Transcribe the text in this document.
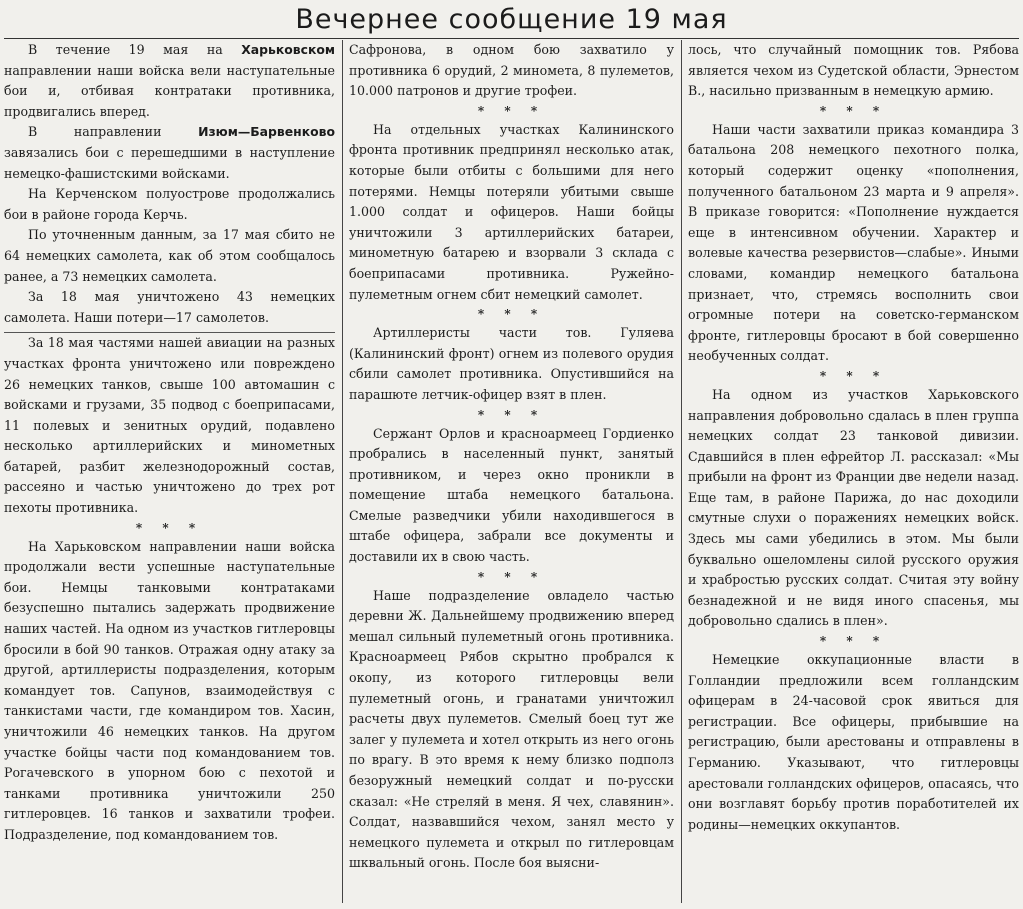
Вечернее сообщение 19 мая

В течение 19 мая на Харьковском направлении наши войска вели наступательные бои и, отбивая контратаки противника, продвигались вперед.

В направлении Изюм—Барвенково завязались бои с перешедшими в наступление немецко-фашистскими войсками.

На Керченском полуострове продолжались бои в районе города Керчь.

По уточненным данным, за 17 мая сбито не 64 немецких самолета, как об этом сообщалось ранее, а 73 немецких самолета.

За 18 мая уничтожено 43 немецких самолета. Наши потери—17 самолетов.

За 18 мая частями нашей авиации на разных участках фронта уничтожено или повреждено 26 немецких танков, свыше 100 автомашин с войсками и грузами, 35 подвод с боеприпасами, 11 полевых и зенитных орудий, подавлено несколько артиллерийских и минометных батарей, разбит железнодорожный состав, рассеяно и частью уничтожено до трех рот пехоты противника.

* * *

На Харьковском направлении наши войска продолжали вести успешные наступательные бои. Немцы танковыми контратаками безуспешно пытались задержать продвижение наших частей. На одном из участков гитлеровцы бросили в бой 90 танков. Отражая одну атаку за другой, артиллеристы подразделения, которым командует тов. Сапунов, взаимодействуя с танкистами части, где командиром тов. Хасин, уничтожили 46 немецких танков. На другом участке бойцы части под командованием тов. Рогачевского в упорном бою с пехотой и танками противника уничтожили 250 гитлеровцев. 16 танков и захватили трофеи. Подразделение, под командованием тов.

Сафронова, в одном бою захватило у противника 6 орудий, 2 миномета, 8 пулеметов, 10.000 патронов и другие трофеи.

* * *

На отдельных участках Калининского фронта противник предпринял несколько атак, которые были отбиты с большими для него потерями. Немцы потеряли убитыми свыше 1.000 солдат и офицеров. Наши бойцы уничтожили 3 артиллерийских батареи, минометную батарею и взорвали 3 склада с боеприпасами противника. Ружейно-пулеметным огнем сбит немецкий самолет.

* * *

Артиллеристы части тов. Гуляева (Калининский фронт) огнем из полевого орудия сбили самолет противника. Опустившийся на парашюте летчик-офицер взят в плен.

* * *

Сержант Орлов и красноармеец Гордиенко пробрались в населенный пункт, занятый противником, и через окно проникли в помещение штаба немецкого батальона. Смелые разведчики убили находившегося в штабе офицера, забрали все документы и доставили их в свою часть.

* * *

Наше подразделение овладело частью деревни Ж. Дальнейшему продвижению вперед мешал сильный пулеметный огонь противника. Красноармеец Рябов скрытно пробрался к окопу, из которого гитлеровцы вели пулеметный огонь, и гранатами уничтожил расчеты двух пулеметов. Смелый боец тут же залег у пулемета и хотел открыть из него огонь по врагу. В это время к нему близко подполз безоружный немецкий солдат и по-русски сказал: «Не стреляй в меня. Я чех, славянин». Солдат, назвавшийся чехом, занял место у немецкого пулемета и открыл по гитлеровцам шквальный огонь. После боя выясни-

лось, что случайный помощник тов. Рябова является чехом из Судетской области, Эрнестом В., насильно призванным в немецкую армию.

* * *

Наши части захватили приказ командира 3 батальона 208 немецкого пехотного полка, который содержит оценку «пополнения, полученного батальоном 23 марта и 9 апреля». В приказе говорится: «Пополнение нуждается еще в интенсивном обучении. Характер и волевые качества резервистов—слабые». Иными словами, командир немецкого батальона признает, что, стремясь восполнить свои огромные потери на советско-германском фронте, гитлеровцы бросают в бой совершенно необученных солдат.

* * *

На одном из участков Харьковского направления добровольно сдалась в плен группа немецких солдат 23 танковой дивизии. Сдавшийся в плен ефрейтор Л. рассказал: «Мы прибыли на фронт из Франции две недели назад. Еще там, в районе Парижа, до нас доходили смутные слухи о поражениях немецких войск. Здесь мы сами убедились в этом. Мы были буквально ошеломлены силой русского оружия и храбростью русских солдат. Считая эту войну безнадежной и не видя иного спасенья, мы добровольно сдались в плен».

* * *

Немецкие оккупационные власти в Голландии предложили всем голландским офицерам в 24-часовой срок явиться для регистрации. Все офицеры, прибывшие на регистрацию, были арестованы и отправлены в Германию. Указывают, что гитлеровцы арестовали голландских офицеров, опасаясь, что они возглавят борьбу против поработителей их родины—немецких оккупантов.
